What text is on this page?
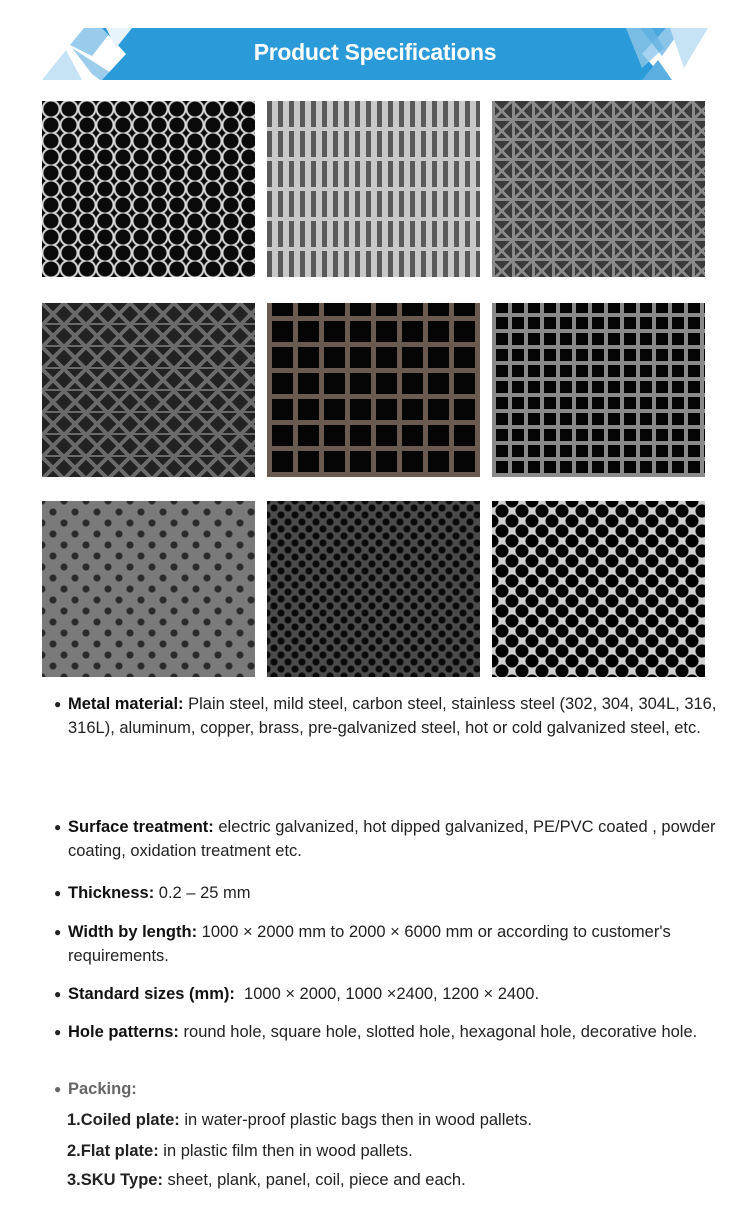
Product Specifications
● Metal material: Plain steel, mild steel, carbon steel, stainless steel (302, 304, 304L, 316, 316L), aluminum, copper, brass, pre-galvanized steel, hot or cold galvanized steel, etc.
● Surface treatment: electric galvanized, hot dipped galvanized, PE/PVC coated , powder coating, oxidation treatment etc.
● Thickness: 0.2 – 25 mm
● Width by length: 1000 × 2000 mm to 2000 × 6000 mm or according to customer's requirements.
● Standard sizes (mm):  1000 × 2000, 1000 ×2400, 1200 × 2400.
● Hole patterns: round hole, square hole, slotted hole, hexagonal hole, decorative hole.
● Packing:
1.Coiled plate: in water-proof plastic bags then in wood pallets.
2.Flat plate: in plastic film then in wood pallets.
3.SKU Type: sheet, plank, panel, coil, piece and each.
